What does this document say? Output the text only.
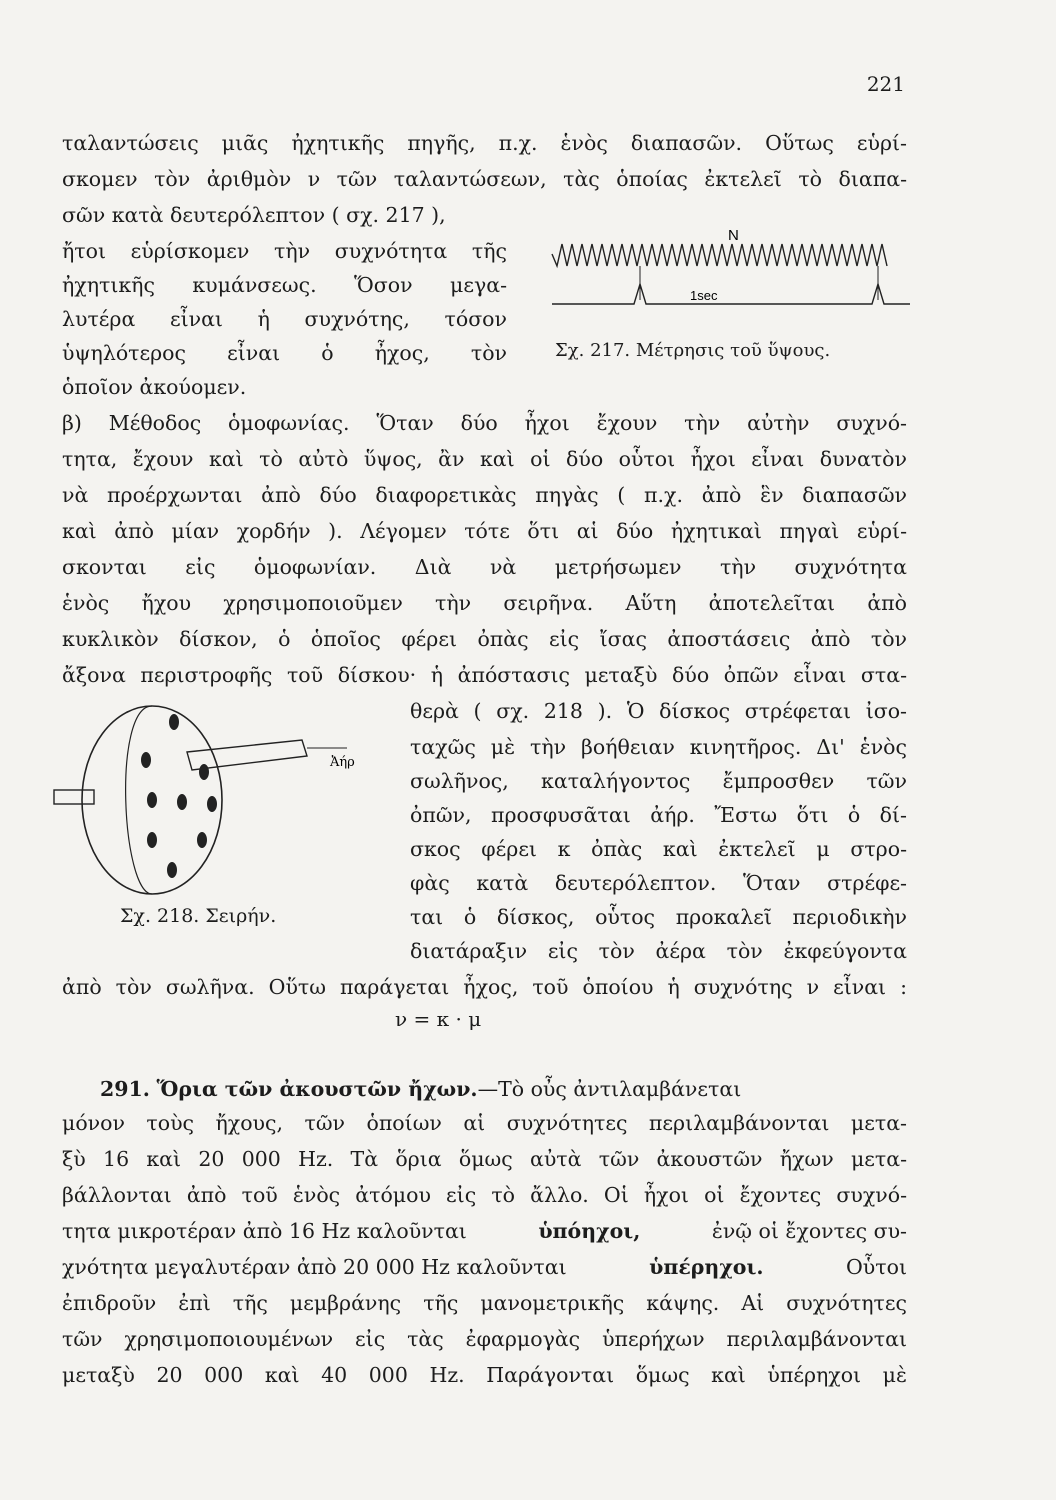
221
ταλαντώσεις μιᾶς ἠχητικῆς πηγῆς, π.χ. ἑνὸς διαπασῶν. Οὕτως εὑρί-
σκομεν τὸν ἀριθμὸν ν τῶν ταλαντώσεων, τὰς ὁποίας ἐκτελεῖ τὸ διαπα-
σῶν κατὰ δευτερόλεπτον ( σχ. 217 ),
ἤτοι εὑρίσκομεν τὴν συχνότητα τῆς
ἠχητικῆς κυμάνσεως. Ὅσον μεγα-
λυτέρα εἶναι ἡ συχνότης, τόσον
ὑψηλότερος εἶναι ὁ ἦχος, τὸν
ὁποῖον ἀκούομεν.
N
1sec
Σχ. 217. Μέτρησις τοῦ ὕψους.
β) Μέθοδος ὁμοφωνίας. Ὅταν δύο ἦχοι ἔχουν τὴν αὐτὴν συχνό-
τητα, ἔχουν καὶ τὸ αὐτὸ ὕψος, ἂν καὶ οἱ δύο οὗτοι ἦχοι εἶναι δυνατὸν
νὰ προέρχωνται ἀπὸ δύο διαφορετικὰς πηγὰς ( π.χ. ἀπὸ ἓν διαπασῶν
καὶ ἀπὸ μίαν χορδήν ). Λέγομεν τότε ὅτι αἱ δύο ἠχητικαὶ πηγαὶ εὑρί-
σκονται εἰς ὁμοφωνίαν. Διὰ νὰ μετρήσωμεν τὴν συχνότητα
ἑνὸς ἤχου χρησιμοποιοῦμεν τὴν σειρῆνα. Αὕτη ἀποτελεῖται ἀπὸ
κυκλικὸν δίσκον, ὁ ὁποῖος φέρει ὀπὰς εἰς ἴσας ἀποστάσεις ἀπὸ τὸν
ἄξονα περιστροφῆς τοῦ δίσκου· ἡ ἀπόστασις μεταξὺ δύο ὀπῶν εἶναι στα-
Ἀήρ
Σχ. 218. Σειρήν.
θερὰ ( σχ. 218 ). Ὁ δίσκος στρέφεται ἰσο-
ταχῶς μὲ τὴν βοήθειαν κινητῆρος. Δι' ἑνὸς
σωλῆνος, καταλήγοντος ἔμπροσθεν τῶν
ὀπῶν, προσφυσᾶται ἀήρ. Ἔστω ὅτι ὁ δί-
σκος φέρει κ ὀπὰς καὶ ἐκτελεῖ μ στρο-
φὰς κατὰ δευτερόλεπτον. Ὅταν στρέφε-
ται ὁ δίσκος, οὗτος προκαλεῖ περιοδικὴν
διατάραξιν εἰς τὸν ἀέρα τὸν ἐκφεύγοντα
ἀπὸ τὸν σωλῆνα. Οὕτω παράγεται ἦχος, τοῦ ὁποίου ἡ συχνότης ν εἶναι :
ν = κ · μ
291. Ὅρια τῶν ἀκουστῶν ἤχων.—Τὸ οὖς ἀντιλαμβάνεται
μόνον τοὺς ἤχους, τῶν ὁποίων αἱ συχνότητες περιλαμβάνονται μετα-
ξὺ 16 καὶ 20 000 Hz. Τὰ ὅρια ὅμως αὐτὰ τῶν ἀκουστῶν ἤχων μετα-
βάλλονται ἀπὸ τοῦ ἑνὸς ἀτόμου εἰς τὸ ἄλλο. Οἱ ἦχοι οἱ ἔχοντες συχνό-
τητα μικροτέραν ἀπὸ 16 Hz καλοῦνται	ὑπόηχοι,	ἐνῷ οἱ ἔχοντες συ-
χνότητα μεγαλυτέραν ἀπὸ 20 000 Hz καλοῦνται	ὑπέρηχοι.	Οὗτοι
ἐπιδροῦν ἐπὶ τῆς μεμβράνης τῆς μανομετρικῆς κάψης. Αἱ συχνότητες
τῶν χρησιμοποιουμένων εἰς τὰς ἐφαρμογὰς ὑπερήχων περιλαμβάνονται
μεταξὺ 20 000 καὶ 40 000 Hz. Παράγονται ὅμως καὶ ὑπέρηχοι μὲ
